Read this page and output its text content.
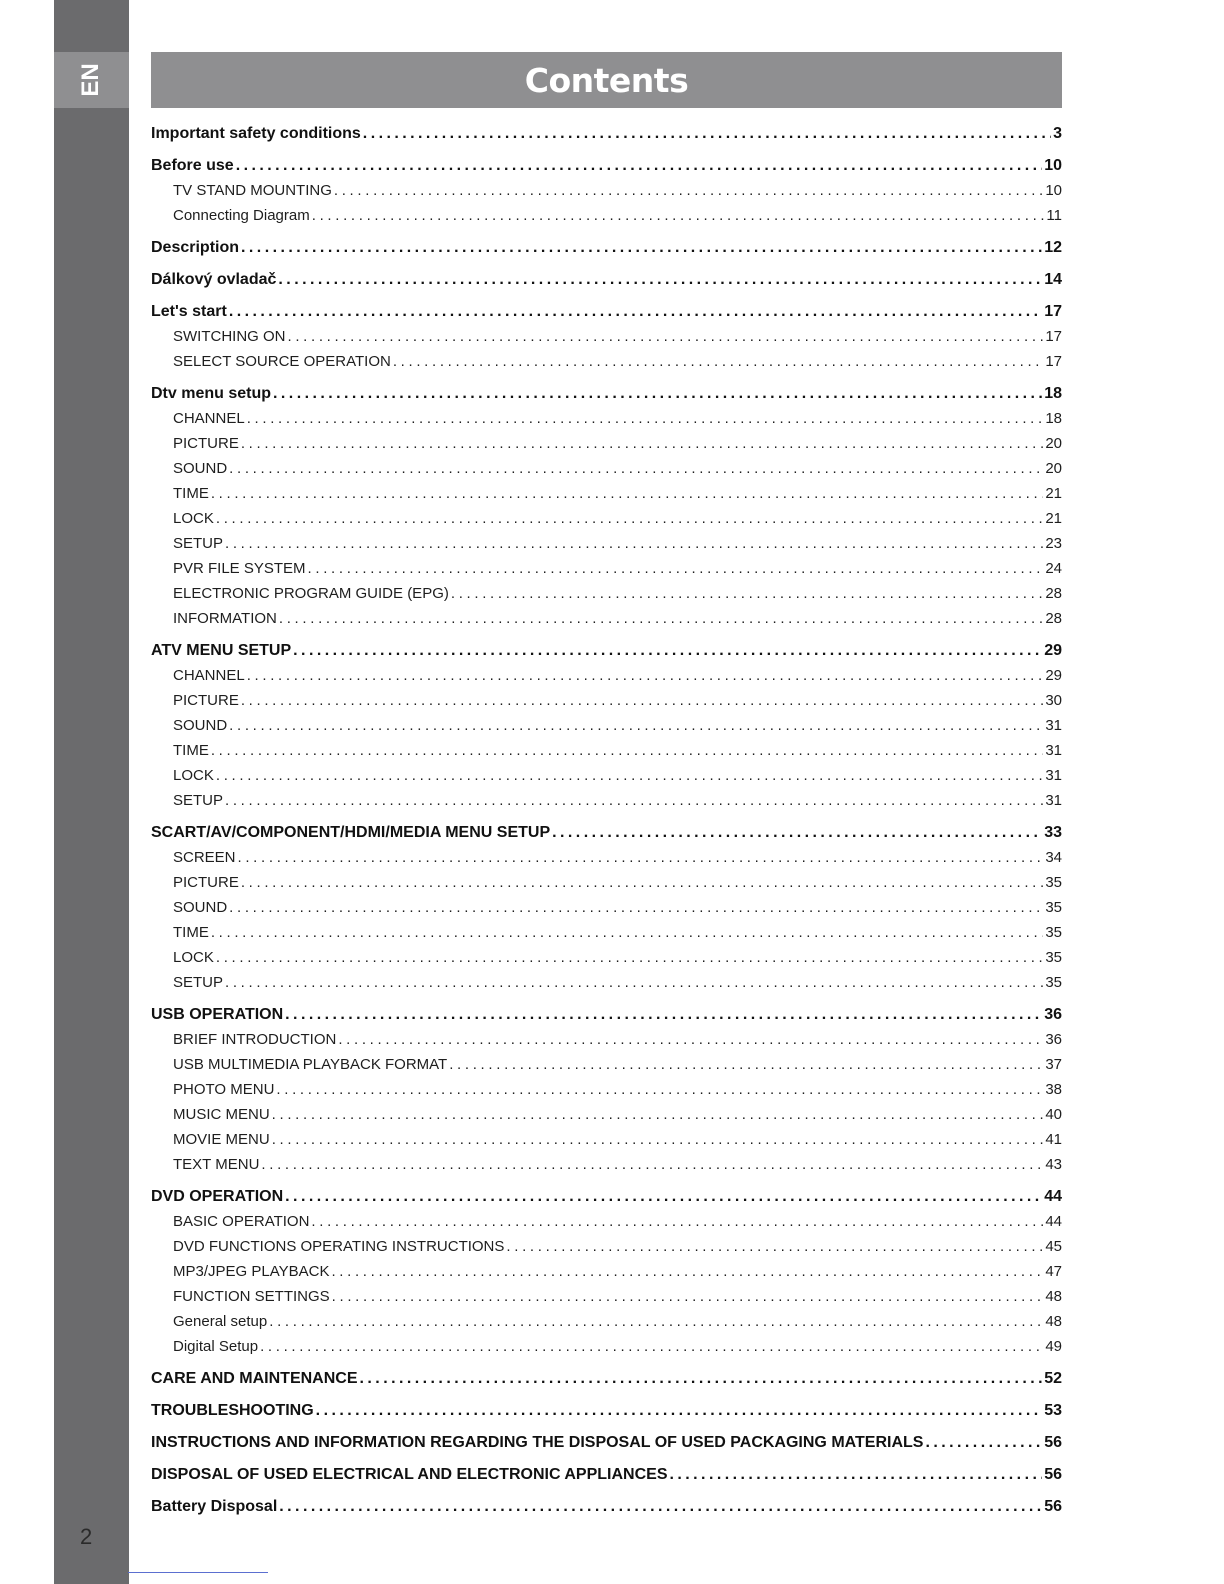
EN
2
Contents
Important safety conditions . . .	3
Before use . . .	10
TV STAND MOUNTING . . .	10
Connecting Diagram . . .	11
Description . . .	12
Dálkový ovladač . . .	14
Let's start . . .	17
SWITCHING ON . . .	17
SELECT SOURCE OPERATION . . .	17
Dtv menu setup . . .	18
CHANNEL . . .	18
PICTURE . . .	20
SOUND . . .	20
TIME . . .	21
LOCK . . .	21
SETUP . . .	23
PVR FILE SYSTEM . . .	24
ELECTRONIC PROGRAM GUIDE (EPG) . . .	28
INFORMATION . . .	28
ATV MENU SETUP . . .	29
CHANNEL . . .	29
PICTURE . . .	30
SOUND . . .	31
TIME . . .	31
LOCK . . .	31
SETUP . . .	31
SCART/AV/COMPONENT/HDMI/MEDIA MENU SETUP . . .	33
SCREEN . . .	34
PICTURE . . .	35
SOUND . . .	35
TIME . . .	35
LOCK . . .	35
SETUP . . .	35
USB OPERATION . . .	36
BRIEF INTRODUCTION . . .	36
USB MULTIMEDIA PLAYBACK FORMAT . . .	37
PHOTO MENU . . .	38
MUSIC MENU . . .	40
MOVIE MENU . . .	41
TEXT MENU . . .	43
DVD OPERATION . . .	44
BASIC OPERATION . . .	44
DVD FUNCTIONS OPERATING INSTRUCTIONS . . .	45
MP3/JPEG PLAYBACK . . .	47
FUNCTION SETTINGS . . .	48
General setup . . .	48
Digital Setup . . .	49
CARE AND MAINTENANCE . . .	52
TROUBLESHOOTING . . .	53
INSTRUCTIONS AND INFORMATION REGARDING THE DISPOSAL OF USED PACKAGING MATERIALS . . .	56
DISPOSAL OF USED ELECTRICAL AND ELECTRONIC APPLIANCES . . .	56
Battery Disposal . . .	56
